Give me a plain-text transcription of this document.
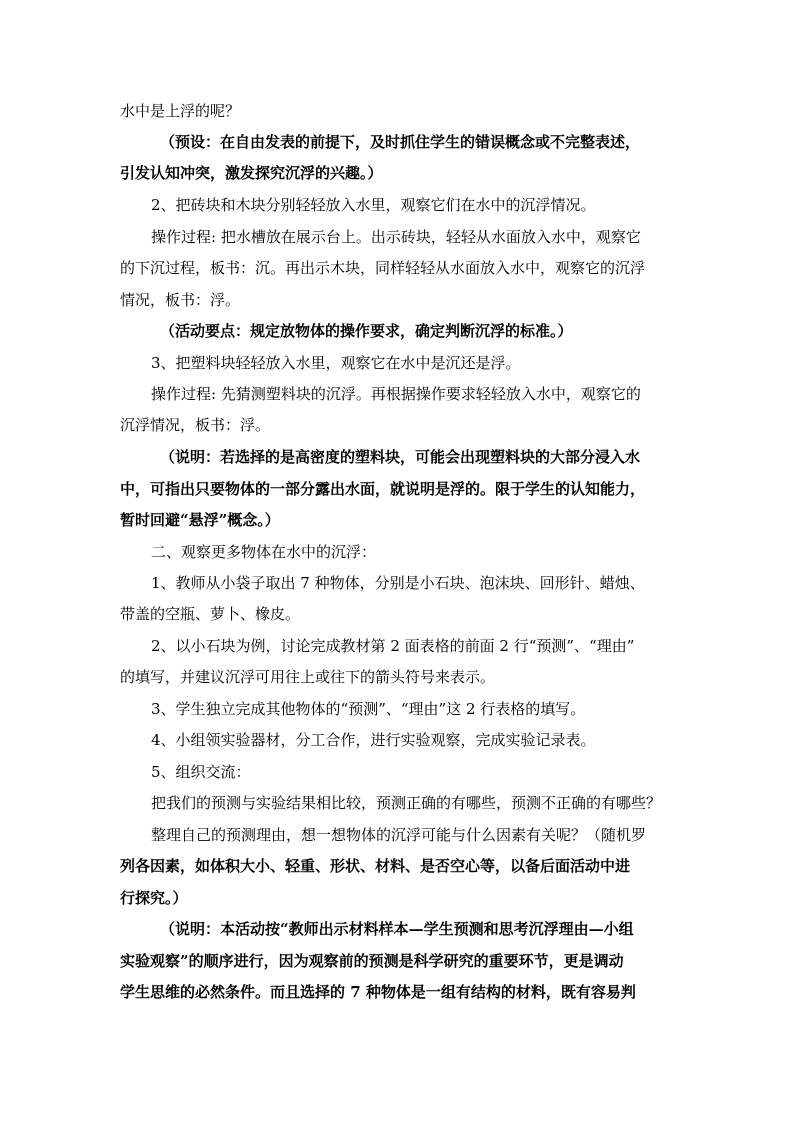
水中是上浮的呢？
（预设：在自由发表的前提下，及时抓住学生的错误概念或不完整表述，
引发认知冲突，激发探究沉浮的兴趣。）
2、把砖块和木块分别轻轻放入水里，观察它们在水中的沉浮情况。
操作过程: 把水槽放在展示台上。出示砖块，轻轻从水面放入水中，观察它
的下沉过程，板书：沉。再出示木块，同样轻轻从水面放入水中，观察它的沉浮
情况，板书：浮。
（活动要点：规定放物体的操作要求，确定判断沉浮的标准。）
3、把塑料块轻轻放入水里，观察它在水中是沉还是浮。
操作过程: 先猜测塑料块的沉浮。再根据操作要求轻轻放入水中，观察它的
沉浮情况，板书：浮。
（说明：若选择的是高密度的塑料块，可能会出现塑料块的大部分浸入水
中，可指出只要物体的一部分露出水面，就说明是浮的。限于学生的认知能力，
暂时回避“悬浮”概念。）
二、观察更多物体在水中的沉浮：
1、教师从小袋子取出 7 种物体，分别是小石块、泡沫块、回形针、蜡烛、
带盖的空瓶、萝卜、橡皮。
2、以小石块为例，讨论完成教材第 2 面表格的前面 2 行“预测”、“理由”
的填写，并建议沉浮可用往上或往下的箭头符号来表示。
3、学生独立完成其他物体的“预测”、“理由”这 2 行表格的填写。
4、小组领实验器材，分工合作，进行实验观察，完成实验记录表。
5、组织交流：
把我们的预测与实验结果相比较，预测正确的有哪些，预测不正确的有哪些？
整理自己的预测理由，想一想物体的沉浮可能与什么因素有关呢？（随机罗
列各因素，如体积大小、轻重、形状、材料、是否空心等，以备后面活动中进
行探究。）
（说明：本活动按“教师出示材料样本—学生预测和思考沉浮理由—小组
实验观察”的顺序进行，因为观察前的预测是科学研究的重要环节，更是调动
学生思维的必然条件。而且选择的 7 种物体是一组有结构的材料，既有容易判
